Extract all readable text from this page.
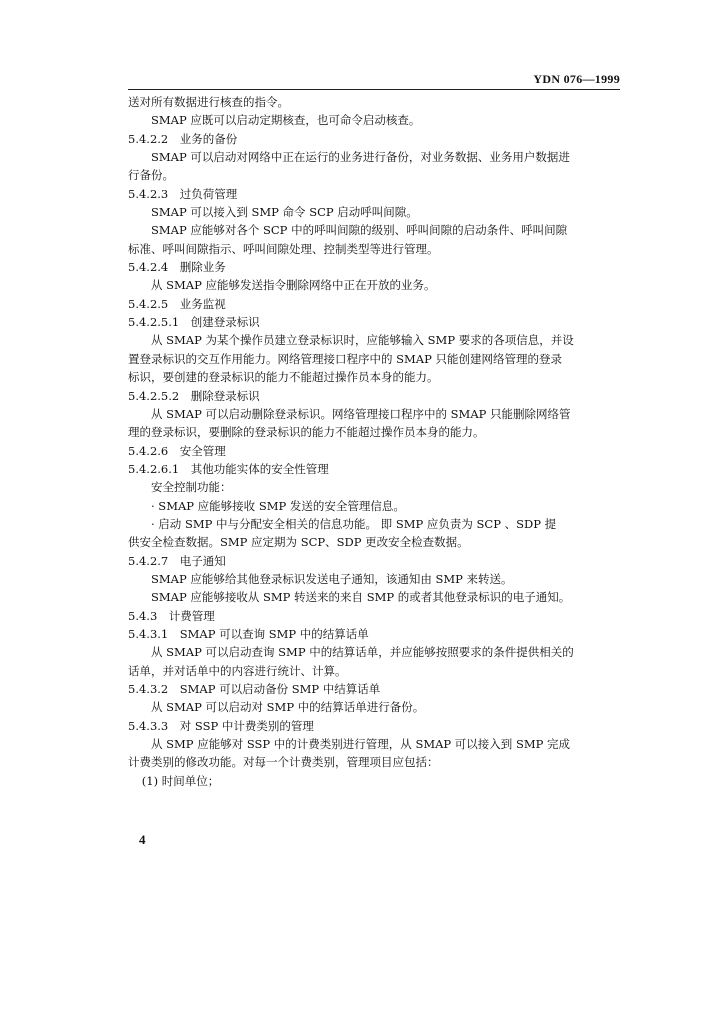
YDN 076—1999

送对所有数据进行核查的指令。

SMAP 应既可以启动定期核查，也可命令启动核查。

5.4.2.2　业务的备份

SMAP 可以启动对网络中正在运行的业务进行备份，对业务数据、业务用户数据进

行备份。

5.4.2.3　过负荷管理

SMAP 可以接入到 SMP 命令 SCP 启动呼叫间隙。

SMAP 应能够对各个 SCP 中的呼叫间隙的级别、呼叫间隙的启动条件、呼叫间隙

标准、呼叫间隙指示、呼叫间隙处理、控制类型等进行管理。

5.4.2.4　删除业务

从 SMAP 应能够发送指令删除网络中正在开放的业务。

5.4.2.5　业务监视

5.4.2.5.1　创建登录标识

从 SMAP 为某个操作员建立登录标识时，应能够输入 SMP 要求的各项信息，并设

置登录标识的交互作用能力。网络管理接口程序中的 SMAP 只能创建网络管理的登录

标识，要创建的登录标识的能力不能超过操作员本身的能力。

5.4.2.5.2　删除登录标识

从 SMAP 可以启动删除登录标识。网络管理接口程序中的 SMAP 只能删除网络管

理的登录标识，要删除的登录标识的能力不能超过操作员本身的能力。

5.4.2.6　安全管理

5.4.2.6.1　其他功能实体的安全性管理

安全控制功能：

· SMAP 应能够接收 SMP 发送的安全管理信息。

· 启动 SMP 中与分配安全相关的信息功能。 即 SMP 应负责为 SCP 、SDP 提

供安全检查数据。SMP 应定期为 SCP、SDP 更改安全检查数据。

5.4.2.7　电子通知

SMAP 应能够给其他登录标识发送电子通知，该通知由 SMP 来转送。

SMAP 应能够接收从 SMP 转送来的来自 SMP 的或者其他登录标识的电子通知。

5.4.3　计费管理

5.4.3.1　SMAP 可以查询 SMP 中的结算话单

从 SMAP 可以启动查询 SMP 中的结算话单，并应能够按照要求的条件提供相关的

话单，并对话单中的内容进行统计、计算。

5.4.3.2　SMAP 可以启动备份 SMP 中结算话单

从 SMAP 可以启动对 SMP 中的结算话单进行备份。

5.4.3.3　对 SSP 中计费类别的管理

从 SMP 应能够对 SSP 中的计费类别进行管理，从 SMAP 可以接入到 SMP 完成

计费类别的修改功能。对每一个计费类别，管理项目应包括：

(1) 时间单位；

4
